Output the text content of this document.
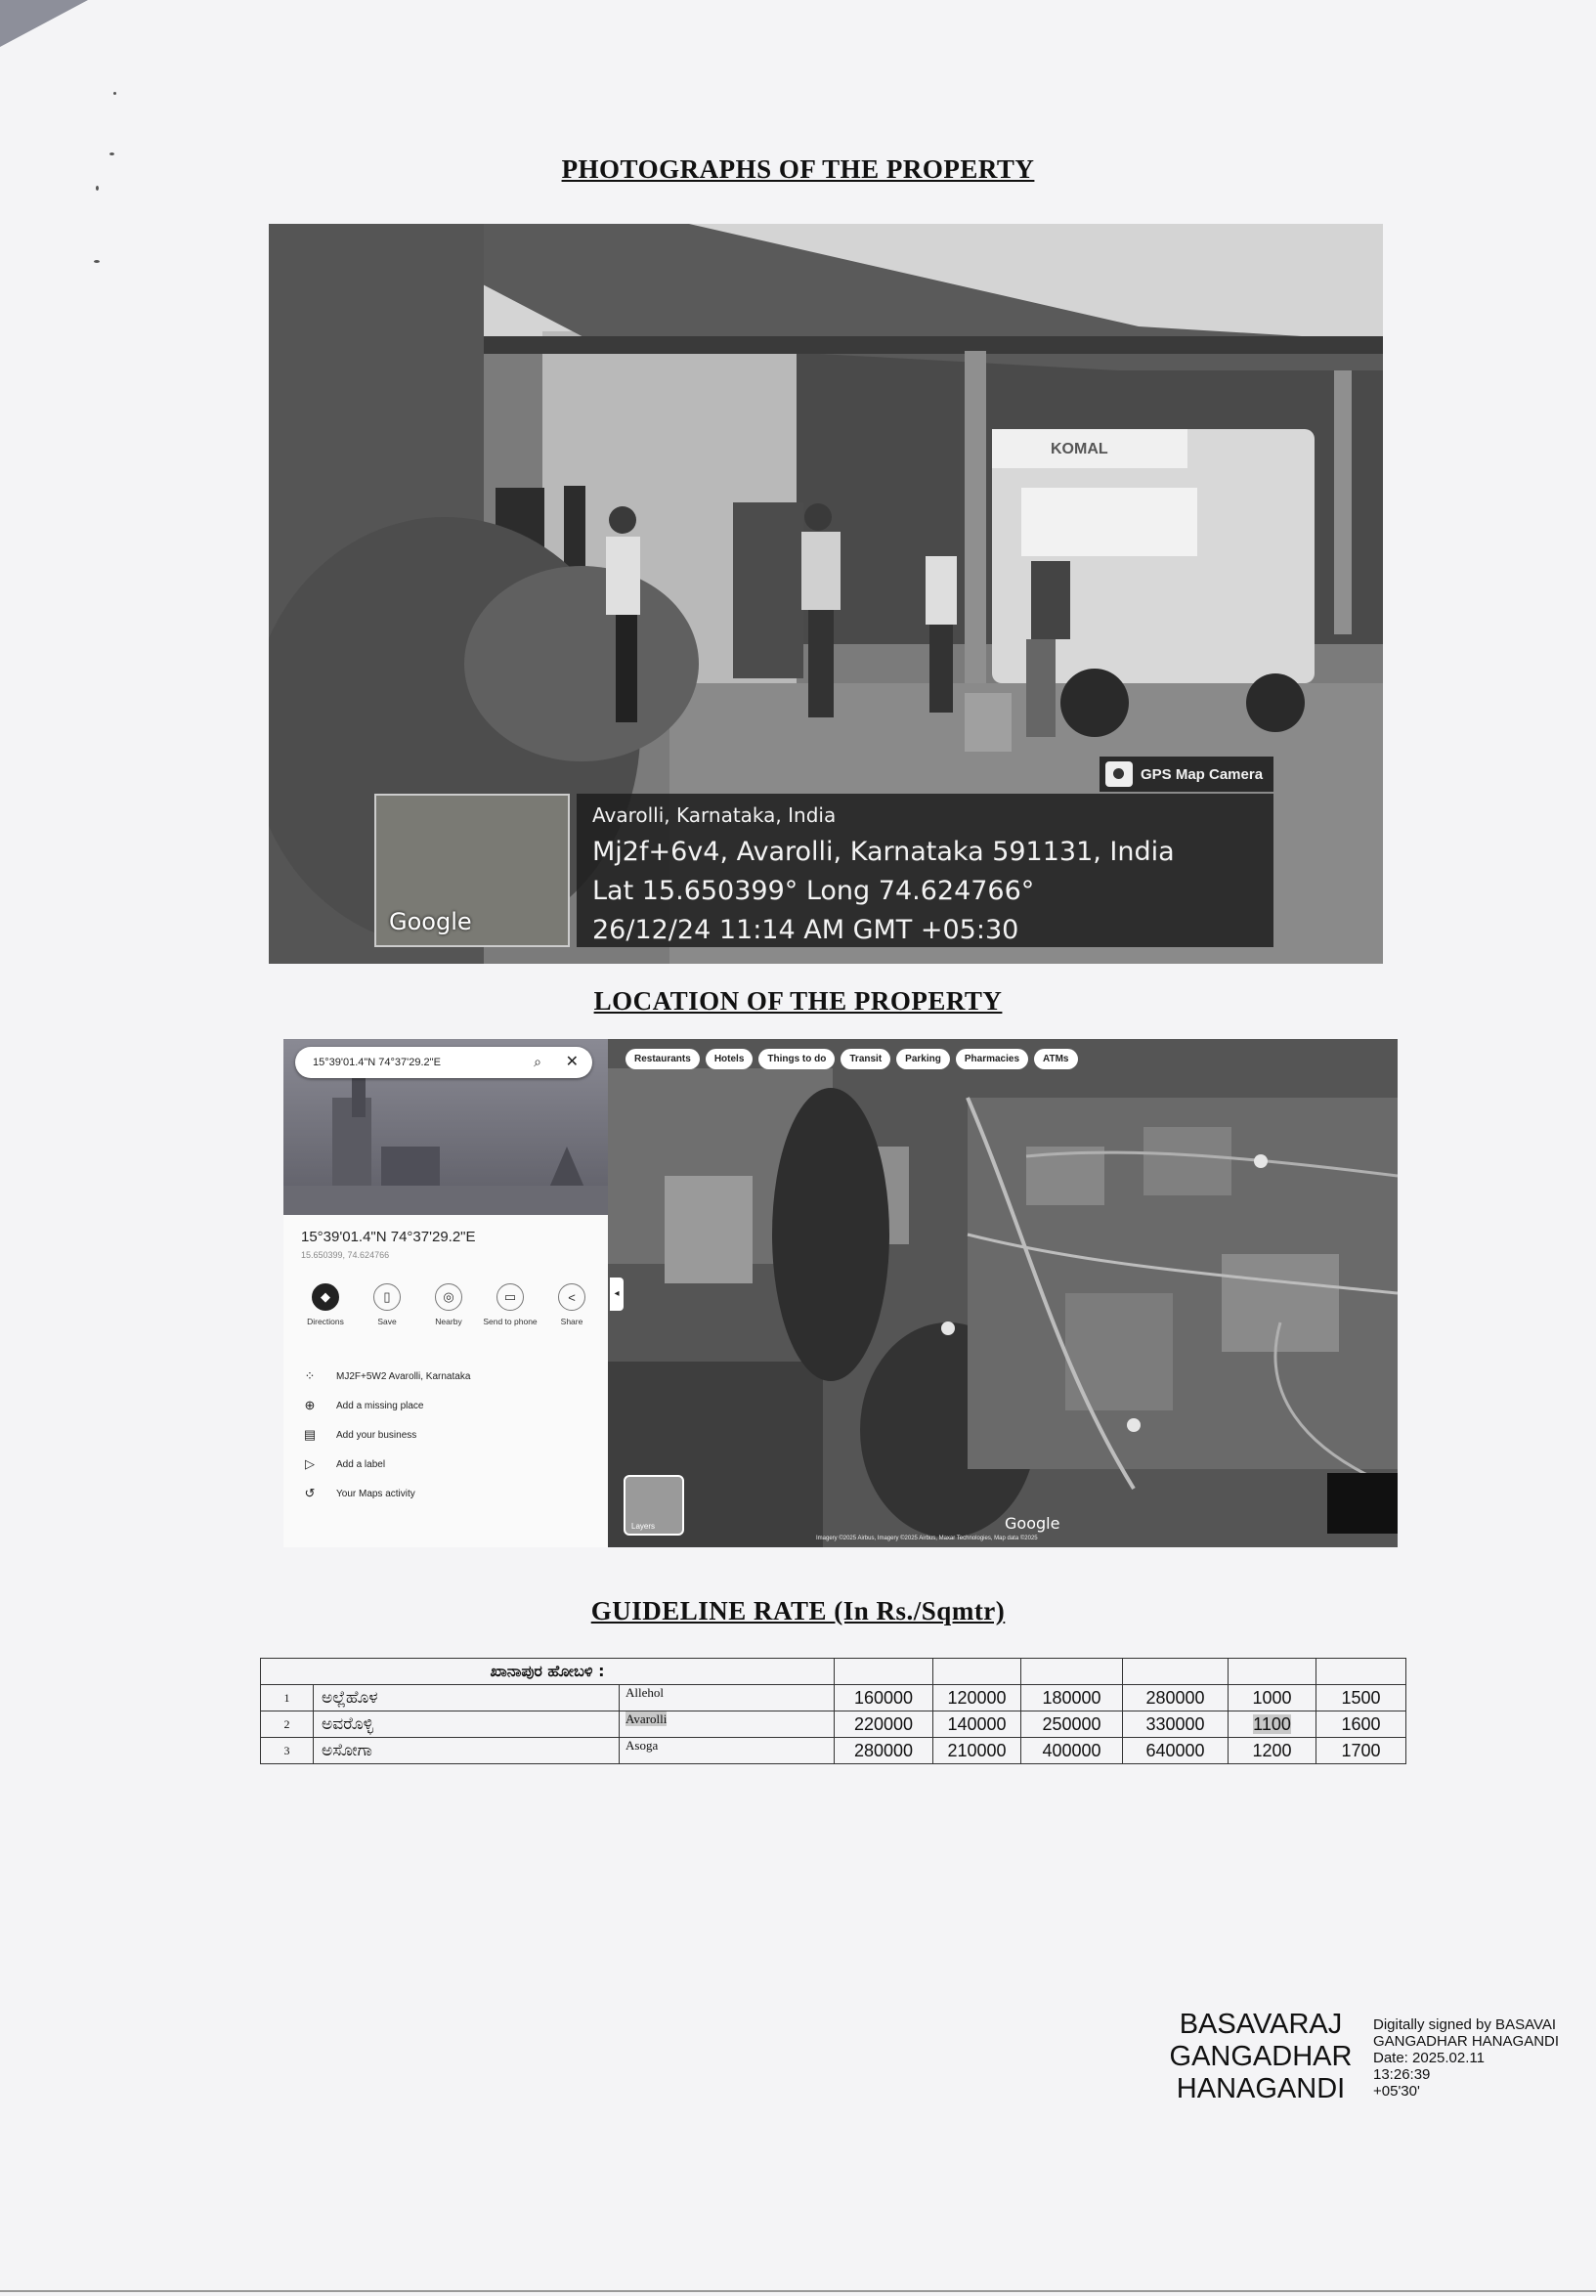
PHOTOGRAPHS OF THE PROPERTY
KOMAL
Google
GPS Map Camera
Avarolli, Karnataka, India
Mj2f+6v4, Avarolli, Karnataka 591131, India
Lat 15.650399° Long 74.624766°
26/12/24 11:14 AM GMT +05:30
LOCATION OF THE PROPERTY
Restaurants	Hotels	Things to do	Transit	Parking	Pharmacies	ATMs
Layers	Google
Imagery ©2025 Airbus, Imagery ©2025 Airbus, Maxar Technologies, Map data ©2025
15°39'01.4"N 74°37'29.2"E	⌕ ✕
◂
15°39'01.4"N 74°37'29.2"E
15.650399, 74.624766
◆
Directions
▯
Save
◎
Nearby
▭
Send to phone
<
Share
⁘	MJ2F+5W2 Avarolli, Karnataka
⊕	Add a missing place
▤ Add your business
▷	Add a label
↺	Your Maps activity
GUIDELINE RATE (In Rs./Sqmtr)
ಖಾನಾಪುರ ಹೋಬಳಿ :								
1	ಅಲ್ಲೆಹೊಳ	Allehol	160000	120000	180000	280000	1000	1500
2	ಅವರೊಳ್ಳಿ	Avarolli	220000	140000	250000	330000	1100	1600
3	ಅಸೋಗಾ	Asoga	280000	210000	400000	640000	1200	1700
BASAVARAJ
GANGADHAR
HANAGANDI
Digitally signed by BASAVAI
GANGADHAR HANAGANDI
Date: 2025.02.11
13:26:39
+05'30'
